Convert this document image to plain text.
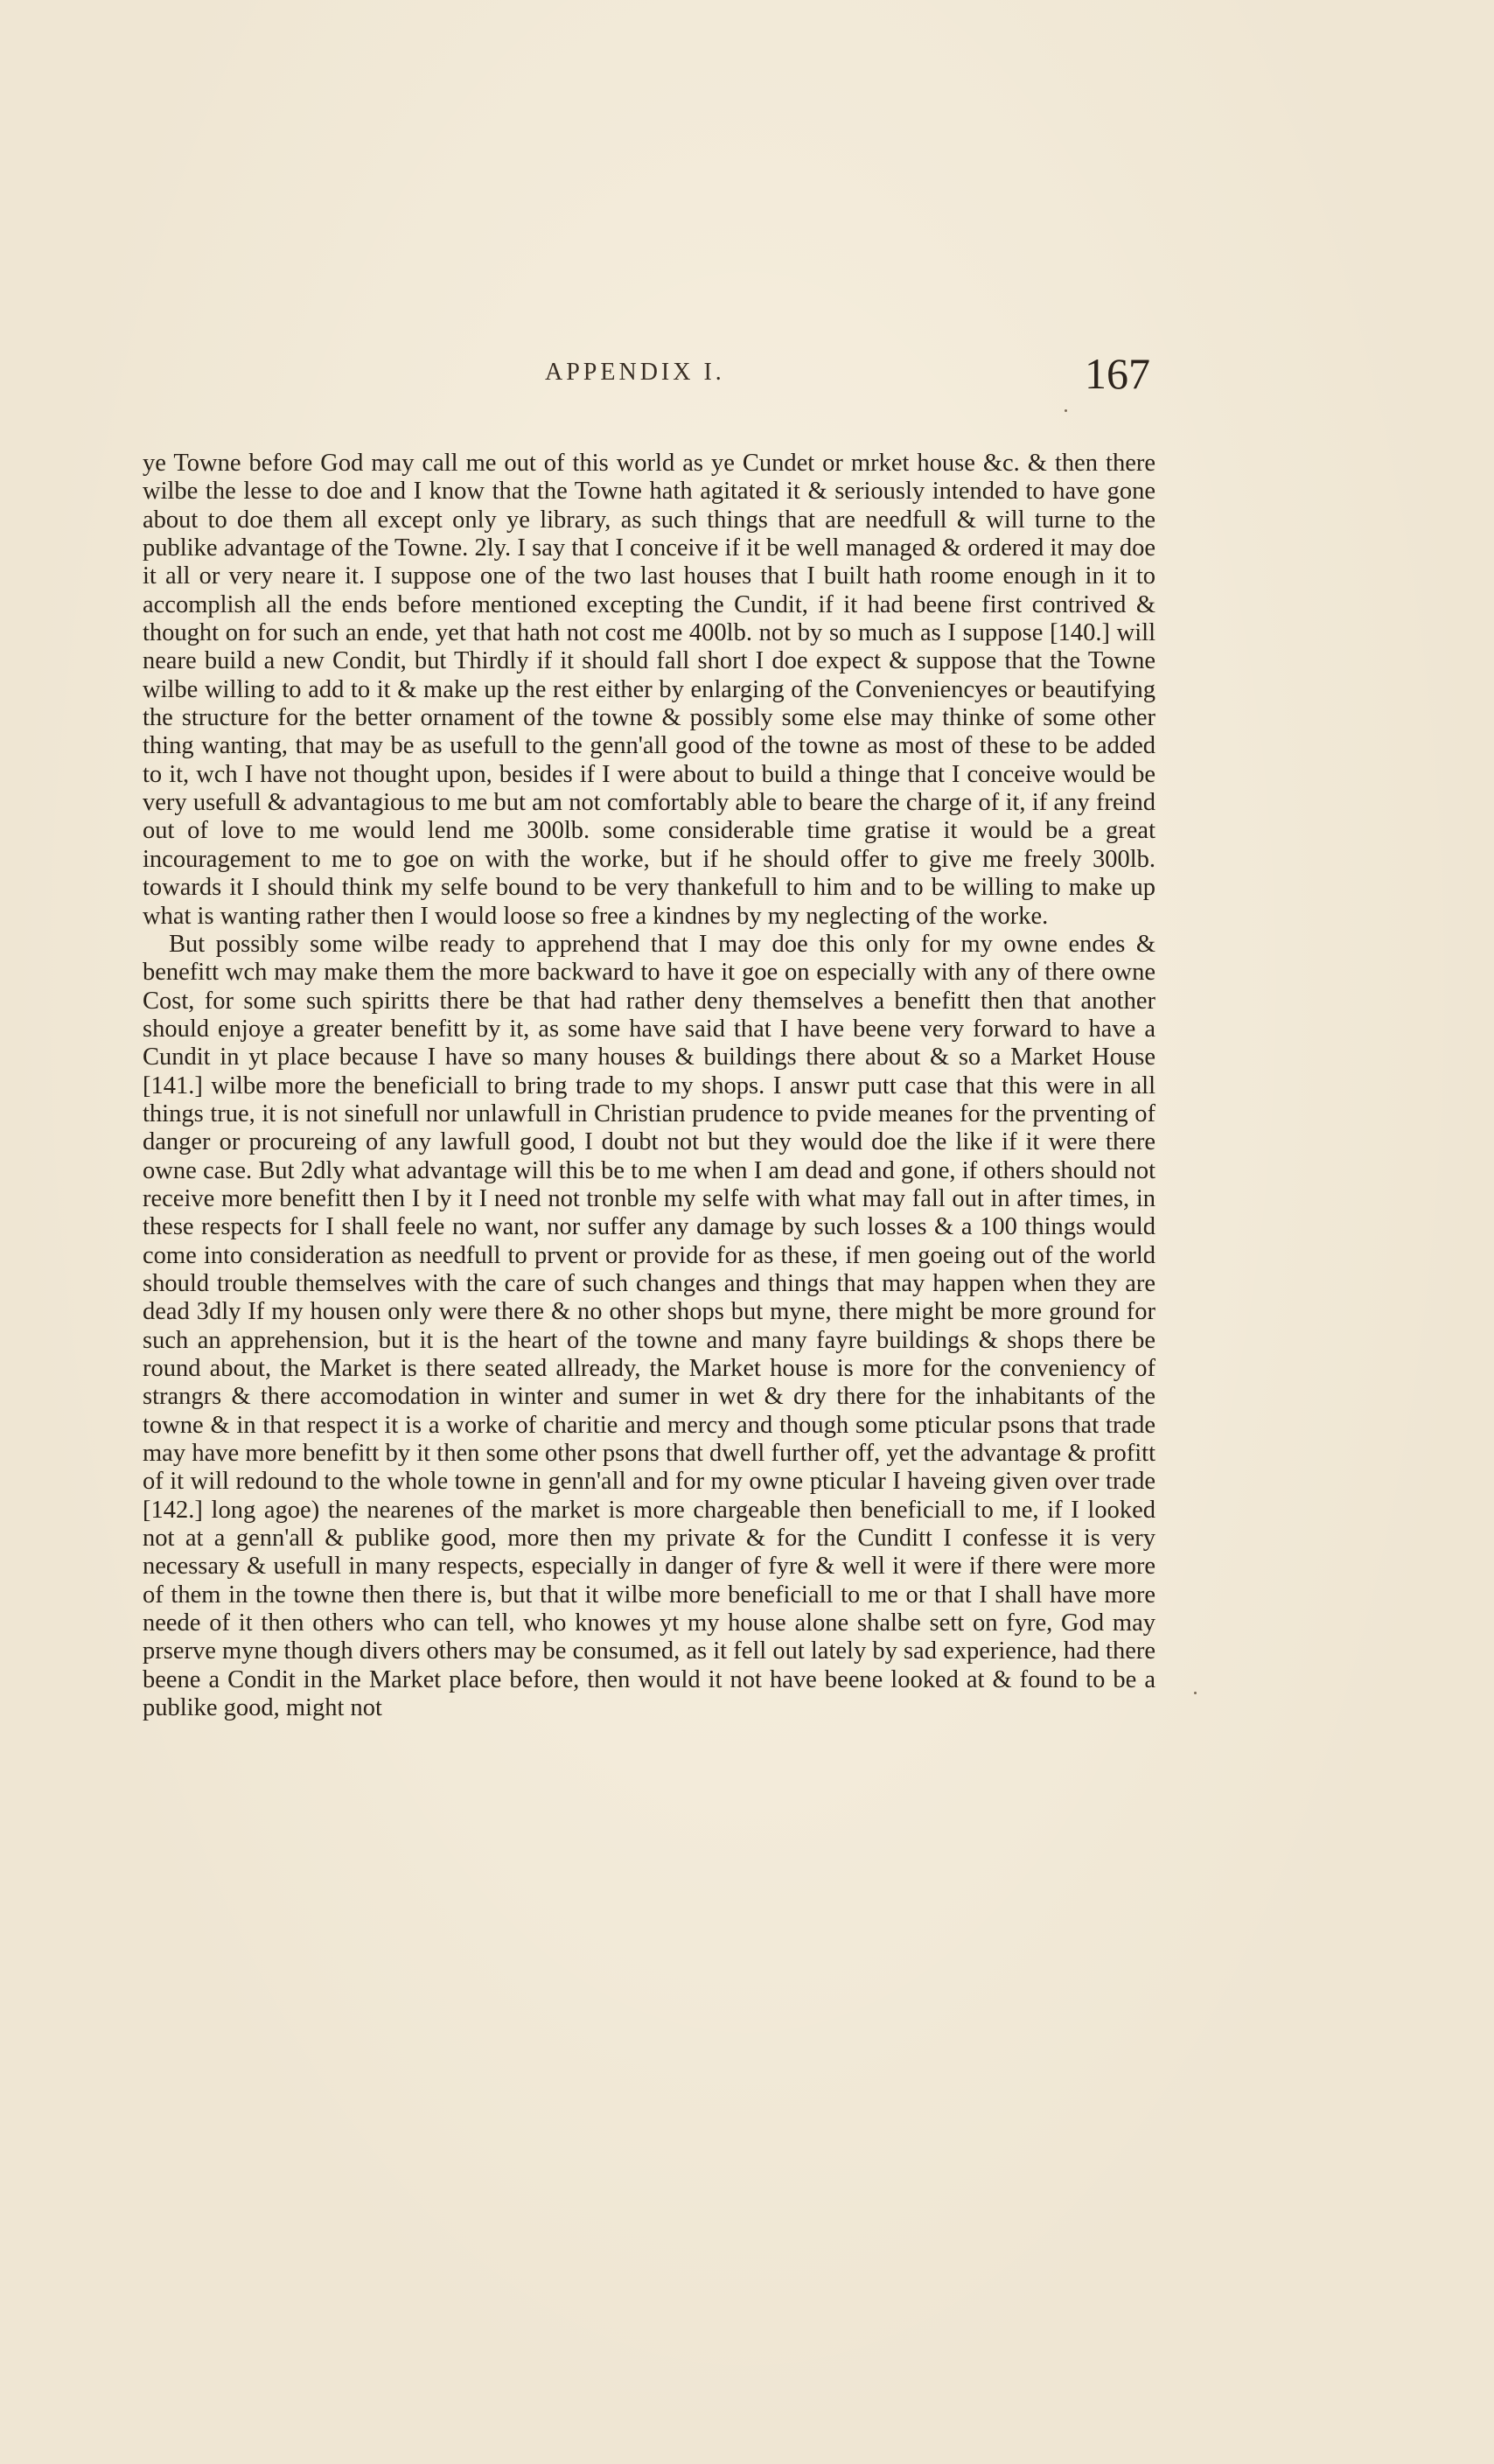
APPENDIX I.	167

ye Towne before God may call me out of this world as ye Cundet or mrket house &c. & then there wilbe the lesse to doe and I know that the Towne hath agitated it & seriously intended to have gone about to doe them all except only ye library, as such things that are needfull & will turne to the publike advantage of the Towne. 2ly. I say that I conceive if it be well managed & ordered it may doe it all or very neare it. I suppose one of the two last houses that I built hath roome enough in it to accomplish all the ends before mentioned excepting the Cundit, if it had beene first contrived & thought on for such an ende, yet that hath not cost me 400lb. not by so much as I suppose [140.] will neare build a new Condit, but Thirdly if it should fall short I doe expect & suppose that the Towne wilbe willing to add to it & make up the rest either by enlarging of the Conveniencyes or beautifying the structure for the better ornament of the towne & possibly some else may thinke of some other thing wanting, that may be as usefull to the genn'all good of the towne as most of these to be added to it, wch I have not thought upon, besides if I were about to build a thinge that I conceive would be very usefull & advantagious to me but am not comfortably able to beare the charge of it, if any freind out of love to me would lend me 300lb. some considerable time gratise it would be a great incouragement to me to goe on with the worke, but if he should offer to give me freely 300lb. towards it I should think my selfe bound to be very thankefull to him and to be willing to make up what is wanting rather then I would loose so free a kindnes by my neglecting of the worke.

But possibly some wilbe ready to apprehend that I may doe this only for my owne endes & benefitt wch may make them the more backward to have it goe on especially with any of there owne Cost, for some such spiritts there be that had rather deny themselves a benefitt then that another should enjoye a greater benefitt by it, as some have said that I have beene very forward to have a Cundit in yt place because I have so many houses & buildings there about & so a Market House [141.] wilbe more the beneficiall to bring trade to my shops. I answr putt case that this were in all things true, it is not sinefull nor unlawfull in Christian prudence to pvide meanes for the prventing of danger or procureing of any lawfull good, I doubt not but they would doe the like if it were there owne case. But 2dly what advantage will this be to me when I am dead and gone, if others should not receive more benefitt then I by it I need not tronble my selfe with what may fall out in after times, in these respects for I shall feele no want, nor suffer any damage by such losses & a 100 things would come into consideration as needfull to prvent or provide for as these, if men goeing out of the world should trouble themselves with the care of such changes and things that may happen when they are dead 3dly If my housen only were there & no other shops but myne, there might be more ground for such an apprehension, but it is the heart of the towne and many fayre buildings & shops there be round about, the Market is there seated allready, the Market house is more for the conveniency of strangrs & there accomodation in winter and sumer in wet & dry there for the inhabitants of the towne & in that respect it is a worke of charitie and mercy and though some pticular psons that trade may have more benefitt by it then some other psons that dwell further off, yet the advantage & profitt of it will redound to the whole towne in genn'all and for my owne pticular I haveing given over trade [142.] long agoe) the nearenes of the market is more chargeable then beneficiall to me, if I looked not at a genn'all & publike good, more then my private & for the Cunditt I confesse it is very necessary & usefull in many respects, especially in danger of fyre & well it were if there were more of them in the towne then there is, but that it wilbe more beneficiall to me or that I shall have more neede of it then others who can tell, who knowes yt my house alone shalbe sett on fyre, God may prserve myne though divers others may be consumed, as it fell out lately by sad experience, had there beene a Condit in the Market place before, then would it not have beene looked at & found to be a publike good, might not
